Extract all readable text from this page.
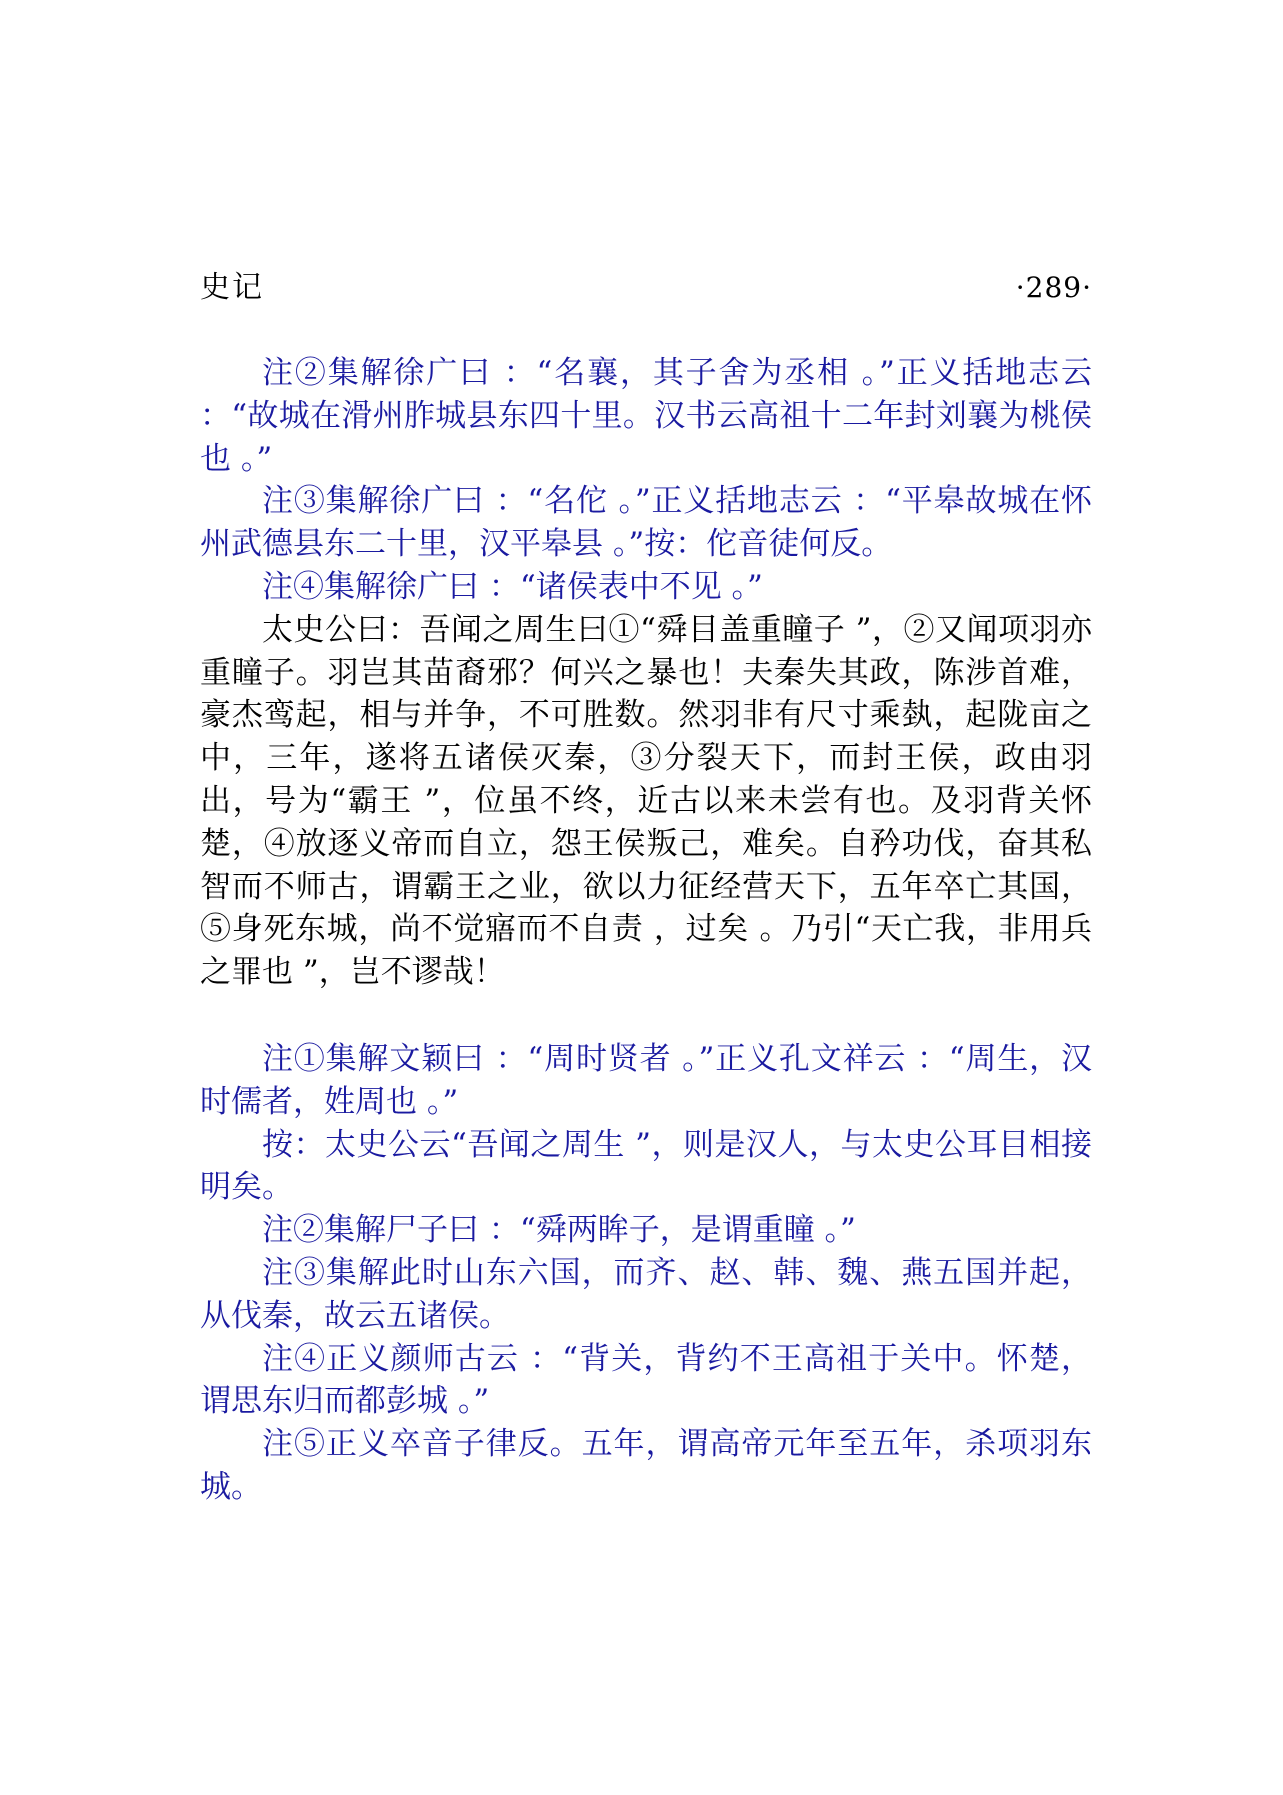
史记	·289·

注②集解徐广曰 ：“名襄，其子舍为丞相 。”正义括地志云 ：“故城在滑州胙城县东四十里。汉书云高祖十二年封刘襄为桃侯也 。”

注③集解徐广曰 ：“名佗 。”正义括地志云 ：“平皋故城在怀州武德县东二十里，汉平皋县 。”按：佗音徒何反。

注④集解徐广曰 ：“诸侯表中不见 。”

太史公曰：吾闻之周生曰①“舜目盖重瞳子 ”，②又闻项羽亦重瞳子。羽岂其苗裔邪？何兴之暴也！夫秦失其政，陈涉首难，豪杰鸾起，相与并争，不可胜数。然羽非有尺寸乘埶，起陇亩之中，三年，遂将五诸侯灭秦，③分裂天下，而封王侯，政由羽出，号为“霸王 ”，位虽不终，近古以来未尝有也。及羽背关怀楚，④放逐义帝而自立，怨王侯叛己，难矣。自矜功伐，奋其私智而不师古，谓霸王之业，欲以力征经营天下，五年卒亡其国，⑤身死东城，尚不觉寤而不自责 ，过矣 。乃引“天亡我，非用兵之罪也 ”，岂不谬哉！

注①集解文颖曰 ：“周时贤者 。”正义孔文祥云 ：“周生，汉时儒者，姓周也 。”

按：太史公云“吾闻之周生 ”，则是汉人，与太史公耳目相接明矣。

注②集解尸子曰 ：“舜两眸子，是谓重瞳 。”

注③集解此时山东六国，而齐、赵、韩、魏、燕五国并起，从伐秦，故云五诸侯。

注④正义颜师古云 ：“背关，背约不王高祖于关中。怀楚，谓思东归而都彭城 。”

注⑤正义卒音子律反。五年，谓高帝元年至五年，杀项羽东城。
